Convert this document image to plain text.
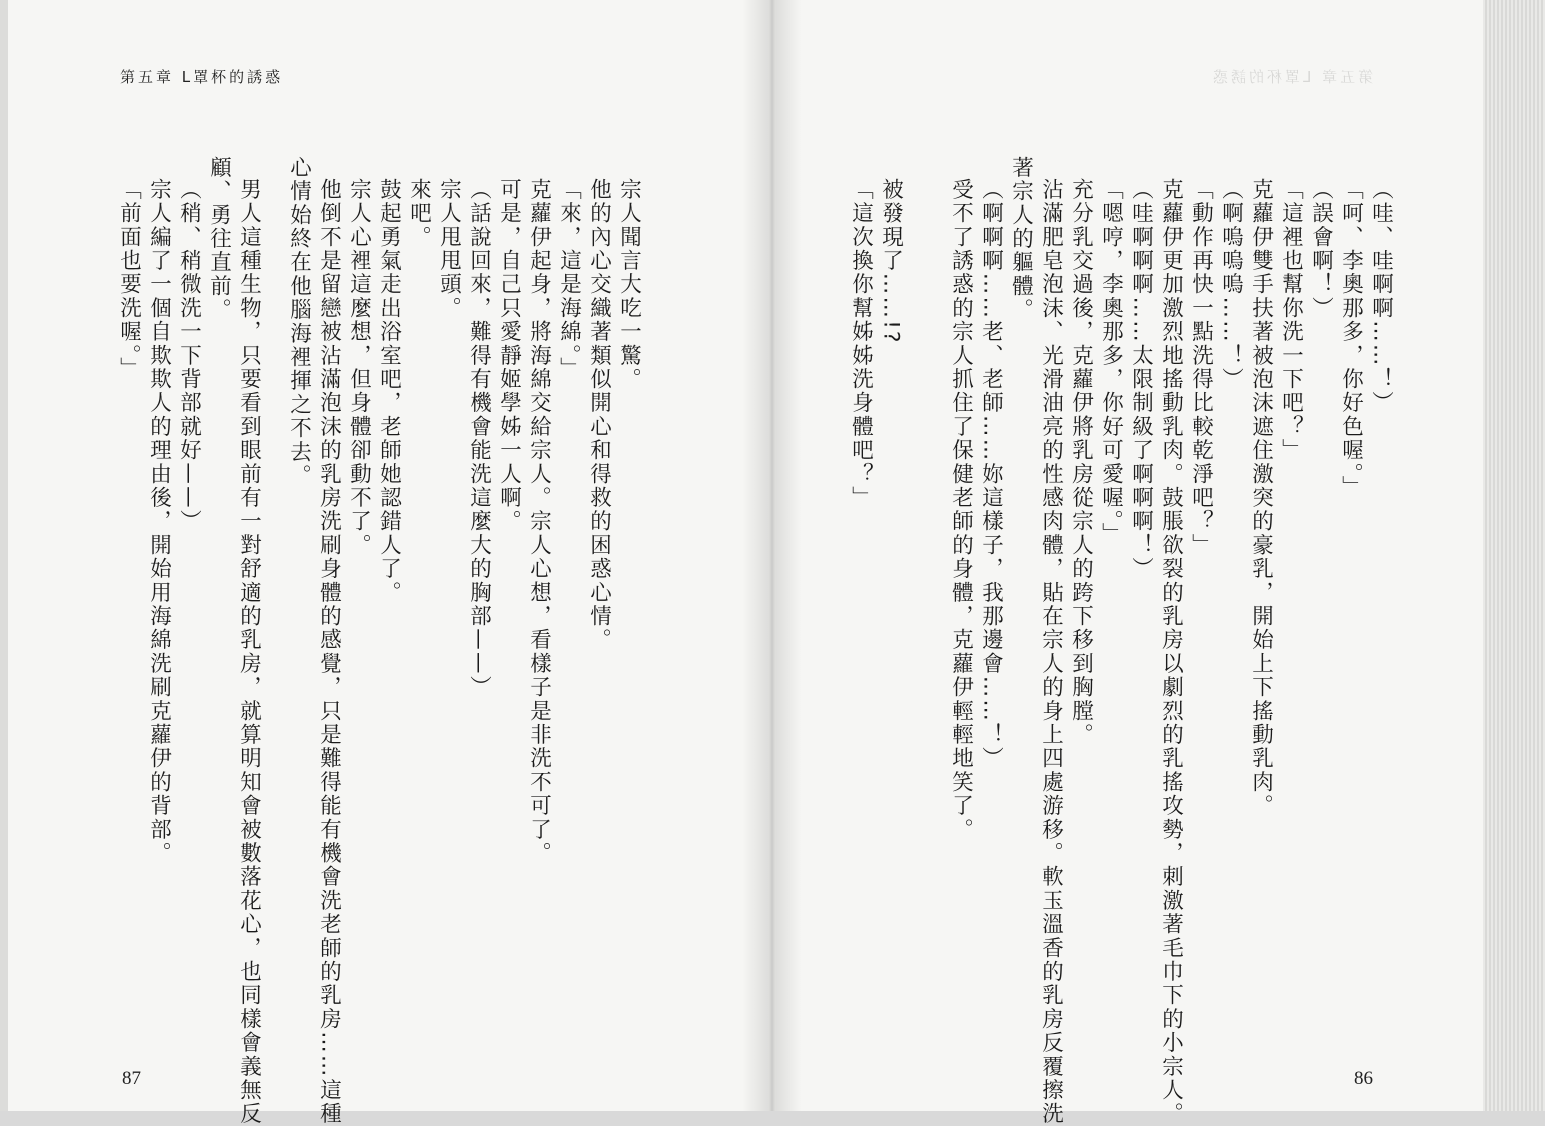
第五章 L罩杯的誘惑	第五章 L罩杯的誘惑
宗人聞言大吃一驚。
他的內心交織著類似開心和得救的困惑心情。
「來，這是海綿。」
克蘿伊起身，將海綿交給宗人。宗人心想，看樣子是非洗不可了。
可是，自己只愛靜姬學姊一人啊。
（話說回來，難得有機會能洗這麼大的胸部——）
宗人甩甩頭。
來吧。
鼓起勇氣走出浴室吧，老師她認錯人了。
宗人心裡這麼想，但身體卻動不了。
他倒不是留戀被沾滿泡沫的乳房洗刷身體的感覺，只是難得能有機會洗老師的乳房……這種
心情始終在他腦海裡揮之不去。
男人這種生物，只要看到眼前有一對舒適的乳房，就算明知會被數落花心，也同樣會義無反
顧、勇往直前。
（稍、稍微洗一下背部就好——）
宗人編了一個自欺欺人的理由後，開始用海綿洗刷克蘿伊的背部。
「前面也要洗喔。」	（哇、哇啊啊……！）
「呵、李奧那多，你好色喔。」
（誤會啊！）
「這裡也幫你洗一下吧？」
克蘿伊雙手扶著被泡沫遮住激突的豪乳，開始上下搖動乳肉。
（啊嗚嗚嗚……！）
「動作再快一點洗得比較乾淨吧？」
克蘿伊更加激烈地搖動乳肉。鼓脹欲裂的乳房以劇烈的乳搖攻勢，刺激著毛巾下的小宗人。
（哇啊啊啊……太限制級了啊啊啊！）
「嗯哼，李奧那多，你好可愛喔。」
充分乳交過後，克蘿伊將乳房從宗人的跨下移到胸膛。
沾滿肥皂泡沫、光滑油亮的性感肉體，貼在宗人的身上四處游移。軟玉溫香的乳房反覆擦洗
著宗人的軀體。
（啊啊啊……老、老師……妳這樣子，我那邊會……！）
受不了誘惑的宗人抓住了保健老師的身體，克蘿伊輕輕地笑了。
被發現了……!?
「這次換你幫姊姊洗身體吧？」
87	86
